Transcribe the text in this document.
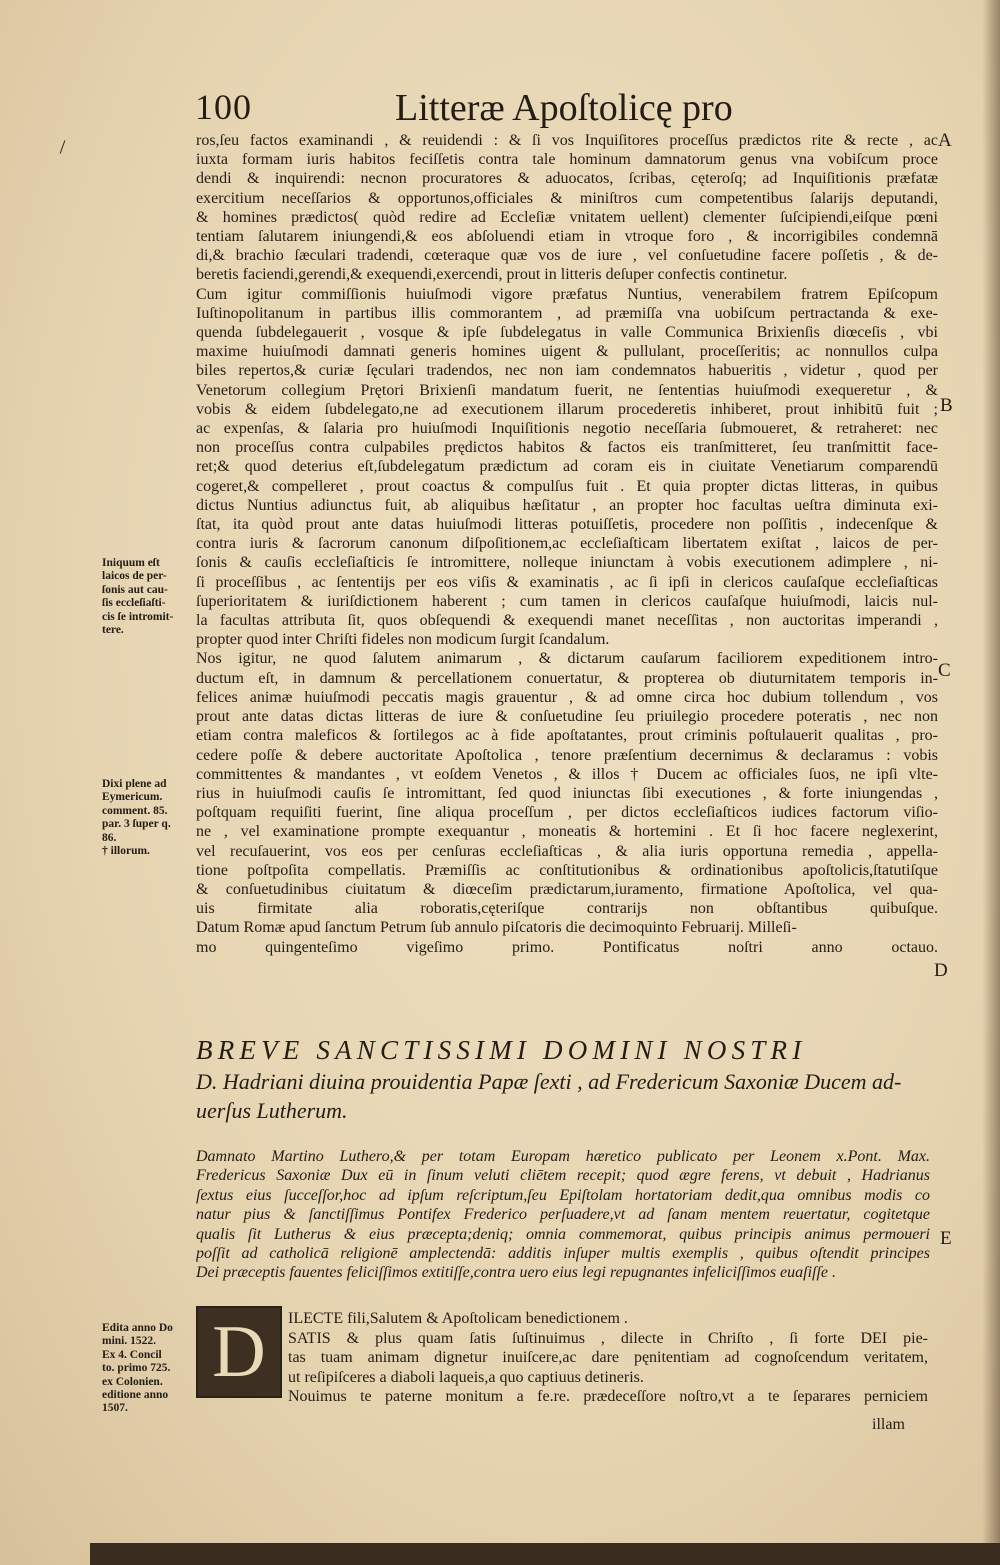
100	Litteræ Apoſtolicę pro
ros,ſeu factos examinandi , & reuidendi : & ſi vos Inquiſitores proceſſus prædictos rite & recte , ac
iuxta formam iuris habitos feciſſetis contra tale hominum damnatorum genus vna vobiſcum proce
dendi & inquirendi: necnon procuratores & aduocatos, ſcribas, cęteroſq; ad Inquiſitionis præfatæ
exercitium neceſſarios & opportunos,officiales & miniſtros cum competentibus ſalarijs deputandi,
& homines prædictos( quòd redire ad Eccleſiæ vnitatem uellent) clementer ſuſcipiendi,eiſque pœni
tentiam ſalutarem iniungendi,& eos abſoluendi etiam in vtroque foro , & incorrigibiles condemnā
di,& brachio ſæculari tradendi, cœteraque quæ vos de iure , vel conſuetudine facere poſſetis , & de-
beretis faciendi,gerendi,& exequendi,exercendi, prout in litteris deſuper confectis continetur.
Cum igitur commiſſionis huiuſmodi vigore præfatus Nuntius, venerabilem fratrem Epiſcopum
Iuſtinopolitanum in partibus illis commorantem , ad præmiſſa vna uobiſcum pertractanda & exe-
quenda ſubdelegauerit , vosque & ipſe ſubdelegatus in valle Communica Brixienſis diœceſis , vbi
maxime huiuſmodi damnati generis homines uigent & pullulant, proceſſeritis; ac nonnullos culpa
biles repertos,& curiæ ſęculari tradendos, nec non iam condemnatos habueritis , videtur , quod per
Venetorum collegium Prętori Brixienſi mandatum fuerit, ne ſententias huiuſmodi exequeretur , &
vobis & eidem ſubdelegato,ne ad executionem illarum procederetis inhiberet, prout inhibitū fuit ;
ac expenſas, & ſalaria pro huiuſmodi Inquiſitionis negotio neceſſaria ſubmoueret, & retraheret: nec
non proceſſus contra culpabiles prędictos habitos & factos eis tranſmitteret, ſeu tranſmittit face-
ret;& quod deterius eſt,ſubdelegatum prædictum ad coram eis in ciuitate Venetiarum comparendū
cogeret,& compelleret , prout coactus & compulſus fuit . Et quia propter dictas litteras, in quibus
dictus Nuntius adiunctus fuit, ab aliquibus hæſitatur , an propter hoc facultas ueſtra diminuta exi-
ſtat, ita quòd prout ante datas huiuſmodi litteras potuiſſetis, procedere non poſſitis , indecenſque &
contra iuris & ſacrorum canonum diſpoſitionem,ac eccleſiaſticam libertatem exiſtat , laicos de per-
ſonis & cauſis eccleſiaſticis ſe intromittere, nolleque iniunctam à vobis executionem adimplere , ni-
ſi proceſſibus , ac ſententijs per eos viſis & examinatis , ac ſi ipſi in clericos cauſaſque eccleſiaſticas
ſuperioritatem & iuriſdictionem haberent ; cum tamen in clericos cauſaſque huiuſmodi, laicis nul-
la facultas attributa ſit, quos obſequendi & exequendi manet neceſſitas , non auctoritas imperandi ,
propter quod inter Chriſti fideles non modicum ſurgit ſcandalum.
Nos igitur, ne quod ſalutem animarum , & dictarum cauſarum faciliorem expeditionem intro-
ductum eſt, in damnum & percellationem conuertatur, & propterea ob diuturnitatem temporis in-
felices animæ huiuſmodi peccatis magis grauentur , & ad omne circa hoc dubium tollendum , vos
prout ante datas dictas litteras de iure & conſuetudine ſeu priuilegio procedere poteratis , nec non
etiam contra maleficos & ſortilegos ac à fide apoſtatantes, prout criminis poſtulauerit qualitas , pro-
cedere poſſe & debere auctoritate Apoſtolica , tenore præſentium decernimus & declaramus : vobis
committentes & mandantes , vt eoſdem Venetos , & illos † Ducem ac officiales ſuos, ne ipſi vlte-
rius in huiuſmodi cauſis ſe intromittant, ſed quod iniunctas ſibi executiones , & forte iniungendas ,
poſtquam requiſiti fuerint, ſine aliqua proceſſum , per dictos eccleſiaſticos iudices factorum viſio-
ne , vel examinatione prompte exequantur , moneatis & hortemini . Et ſi hoc facere neglexerint,
vel recuſauerint, vos eos per cenſuras eccleſiaſticas , & alia iuris opportuna remedia , appella-
tione poſtpoſita compellatis. Præmiſſis ac conſtitutionibus & ordinationibus apoſtolicis,ſtatutiſque
& conſuetudinibus ciuitatum & diœceſim prædictarum,iuramento, firmatione Apoſtolica, vel qua-
uis firmitate alia roboratis,cęteriſque contrarijs non obſtantibus quibuſque.
Datum Romæ apud ſanctum Petrum ſub annulo piſcatoris die decimoquinto Februarij. Milleſi-
mo quingenteſimo vigeſimo primo. Pontificatus noſtri anno octauo.
BREVE SANCTISSIMI DOMINI NOSTRI
D. Hadriani diuina prouidentia Papæ ſexti , ad Fredericum Saxoniæ Ducem ad-
uerſus Lutherum.
Damnato Martino Luthero,& per totam Europam hæretico publicato per Leonem x.Pont. Max.
Fredericus Saxoniæ Dux eū in ſinum veluti cliētem recepit; quod ægre ferens, vt debuit , Hadrianus
ſextus eius ſucceſſor,hoc ad ipſum reſcriptum,ſeu Epiſtolam hortatoriam dedit,qua omnibus modis co
natur pius & ſanctiſſimus Pontifex Frederico perſuadere,vt ad ſanam mentem reuertatur, cogitetque
qualis ſit Lutherus & eius præcepta;deniq; omnia commemorat, quibus principis animus permoueri
poſſit ad catholicā religionē amplectendā: additis inſuper multis exemplis , quibus oſtendit principes
Dei præceptis fauentes feliciſſimos extitiſſe,contra uero eius legi repugnantes infeliciſſimos euaſiſſe .
D	ILECTE fili,Salutem & Apoſtolicam benedictionem .
SATIS & plus quam ſatis ſuſtinuimus , dilecte in Chriſto , ſi forte DEI pie-
tas tuam animam dignetur inuiſcere,ac dare pęnitentiam ad cognoſcendum veritatem,
ut reſipiſceres a diaboli laqueis,a quo captiuus detineris.
Nouimus te paterne monitum a fe.re. prædeceſſore noſtro,vt a te ſeparares perniciem
illam
Iniquum eſt
laicos de per-
ſonis aut cau-
ſis eccleſiaſti-
cis ſe intromit-
tere.
Dixi plene ad
Eymericum.
comment. 85.
par. 3 ſuper q.
86.
† illorum.
Edita anno Do
mini. 1522.
Ex 4. Concil
to. primo 725.
ex Colonien.
editione anno
1507.
A
B
C
D
E
